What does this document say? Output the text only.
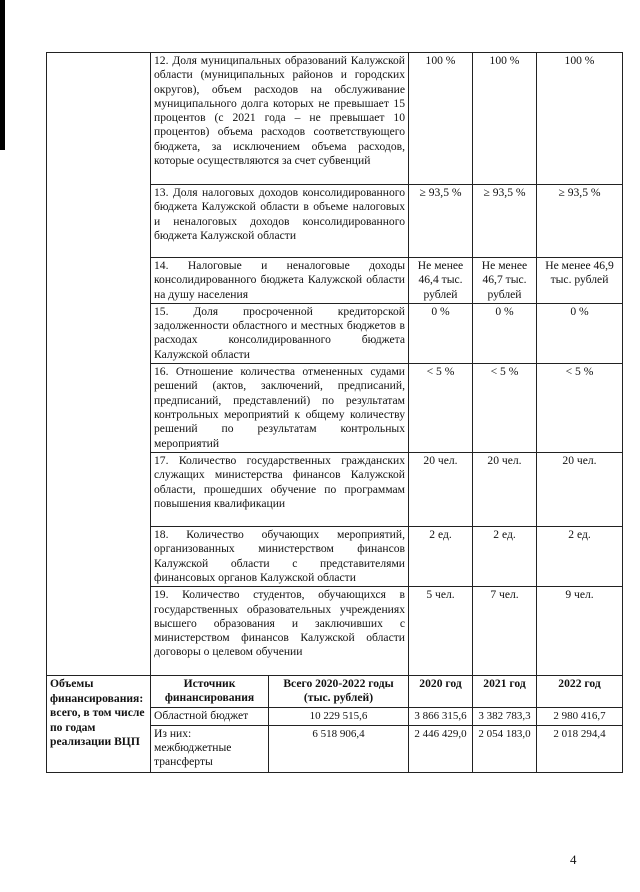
	12. Доля муниципальных образований Калужской области (муниципальных районов и городских округов), объем расходов на обслуживание муниципального долга которых не превышает 15 процентов (с 2021 года – не превышает 10 процентов) объема расходов соответствующего бюджета, за исключением объема расходов, которые осуществляются за счет субвенций		100 %	100 %	100 %
	13. Доля налоговых доходов консолидированного бюджета Калужской области в объеме налоговых и неналоговых доходов консолидированного бюджета Калужской области		≥ 93,5 %	≥ 93,5 %	≥ 93,5 %
	14. Налоговые и неналоговые доходы консолидированного бюджета Калужской области на душу населения		Не менее 46,4 тыс. рублей	Не менее 46,7 тыс. рублей	Не менее 46,9 тыс. рублей
	15. Доля просроченной кредиторской задолженности областного и местных бюджетов в расходах консолидированного бюджета Калужской области		0 %	0 %	0 %
	16. Отношение количества отмененных судами решений (актов, заключений, предписаний, предписаний, представлений) по результатам контрольных мероприятий к общему количеству решений по результатам контрольных мероприятий		< 5 %	< 5 %	< 5 %
	17. Количество государственных гражданских служащих министерства финансов Калужской области, прошедших обучение по программам повышения квалификации		20 чел.	20 чел.	20 чел.
	18. Количество обучающих мероприятий, организованных министерством финансов Калужской области с представителями финансовых органов Калужской области		2 ед.	2 ед.	2 ед.
	19. Количество студентов, обучающихся в государственных образовательных учреждениях высшего образования и заключивших с министерством финансов Калужской области договоры о целевом обучении		5 чел.	7 чел.	9 чел.
Объемы финансирования: всего, в том числе по годам реализации ВЦП	Источник финансирования	Всего 2020-2022 годы (тыс. рублей)	2020 год	2021 год	2022 год
	Областной бюджет	10 229 515,6	3 866 315,6	3 382 783,3	2 980 416,7
	Из них: межбюджетные трансферты	6 518 906,4	2 446 429,0	2 054 183,0	2 018 294,4
4
